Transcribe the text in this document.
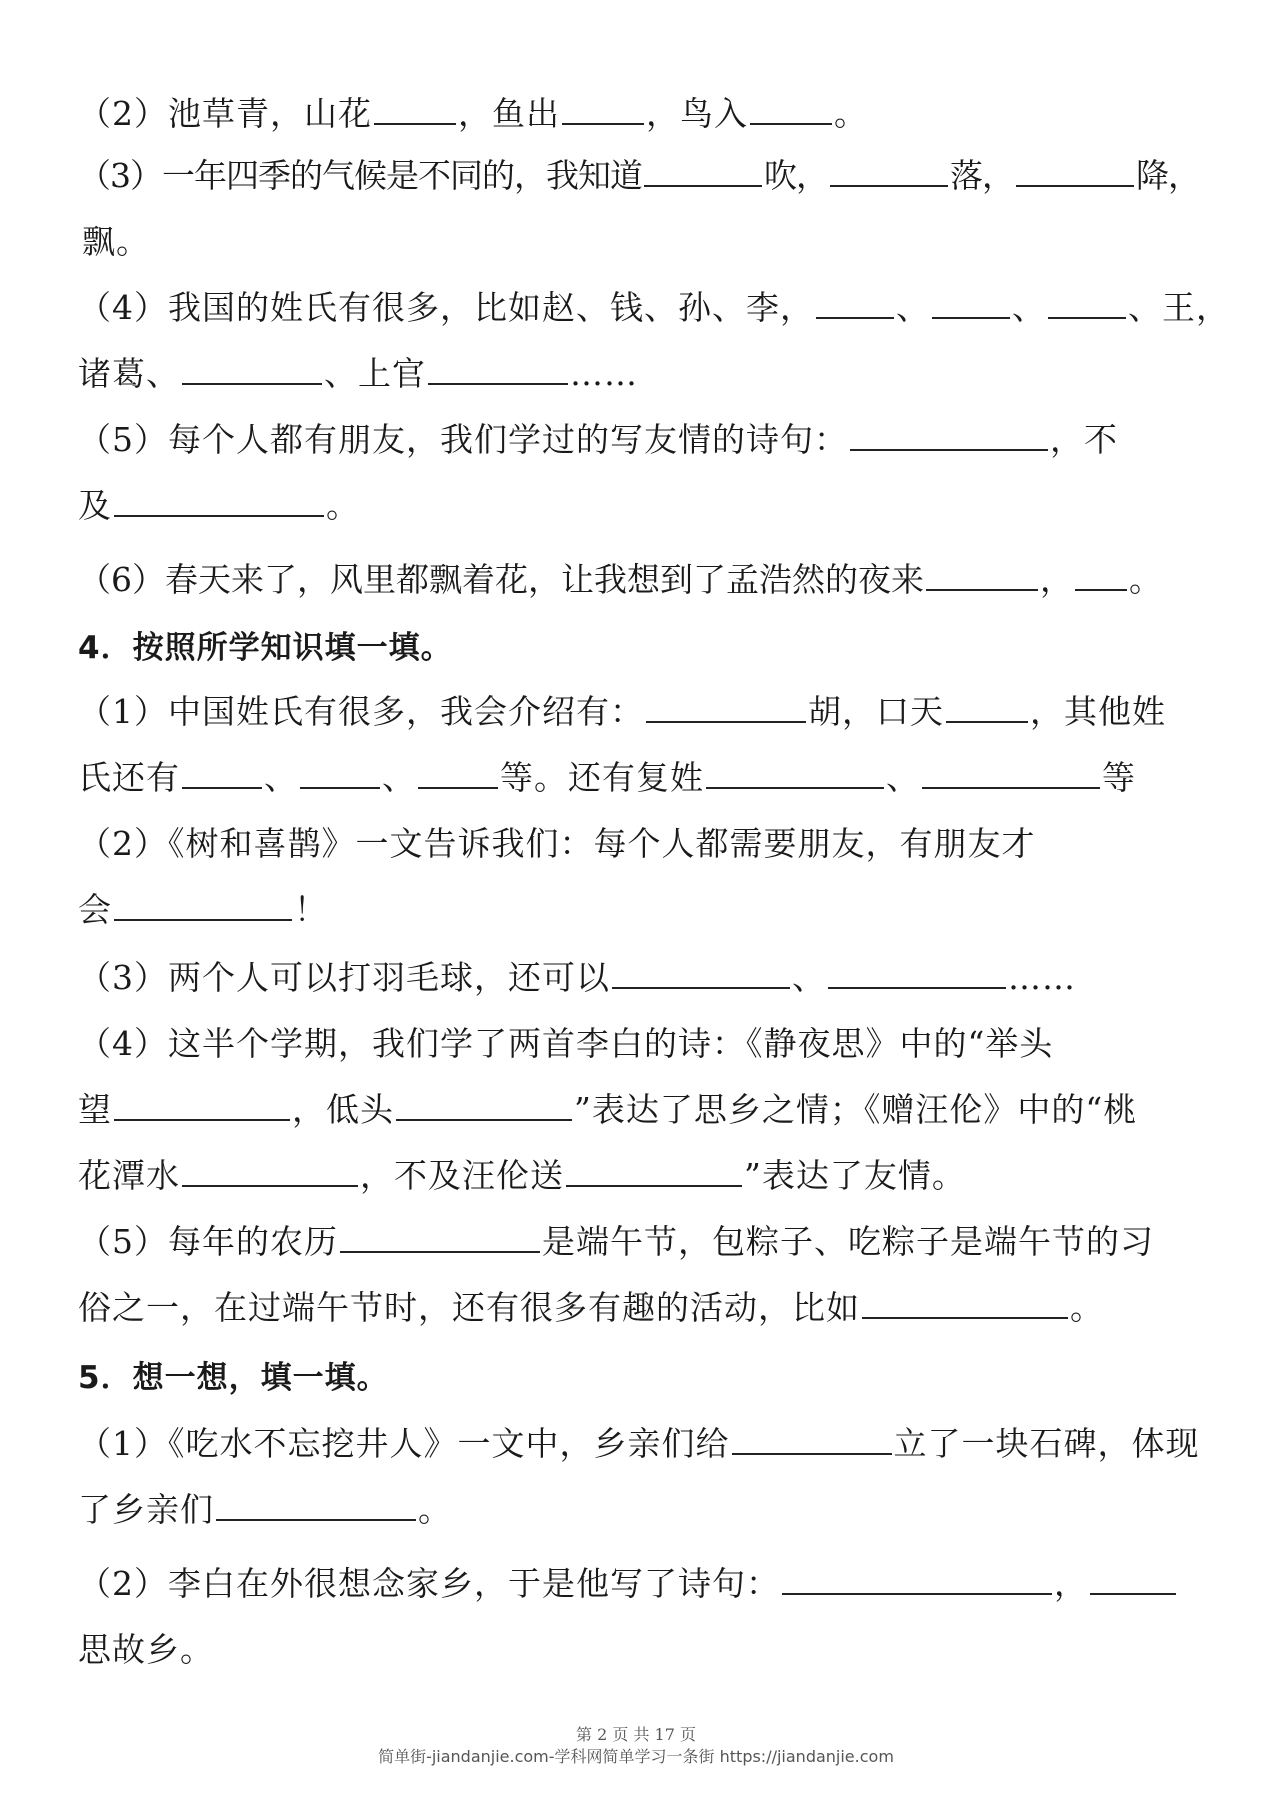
（2）池草青，山花	，鱼出	，鸟入	。
（3）一年四季的气候是不同的，我知道	吹，	落，	降，
飘。
（4）我国的姓氏有很多，比如赵、钱、孙、李， 、 、 、王，
诸葛、	、上官	……
（5）每个人都有朋友，我们学过的写友情的诗句：	，不
及	。
（6）春天来了，风里都飘着花，让我想到了孟浩然的夜来	， 。
4．按照所学知识填一填。
（1）中国姓氏有很多，我会介绍有：	胡，口天	，其他姓
氏还有	、	、	等。还有复姓	、	等
（2）《树和喜鹊》一文告诉我们：每个人都需要朋友，有朋友才
会	！
（3）两个人可以打羽毛球，还可以	、	……
（4）这半个学期，我们学了两首李白的诗：《静夜思》中的“举头
望	，低头	”表达了思乡之情；《赠汪伦》中的“桃
花潭水	，不及汪伦送	”表达了友情。
（5）每年的农历	是端午节，包粽子、吃粽子是端午节的习
俗之一，在过端午节时，还有很多有趣的活动，比如	。
5．想一想，填一填。
（1）《吃水不忘挖井人》一文中，乡亲们给	立了一块石碑，体现
了乡亲们	。
（2）李白在外很想念家乡，于是他写了诗句：	，
思故乡。
第 2 页 共 17 页
简单街-jiandanjie.com-学科网简单学习一条街 https://jiandanjie.com
